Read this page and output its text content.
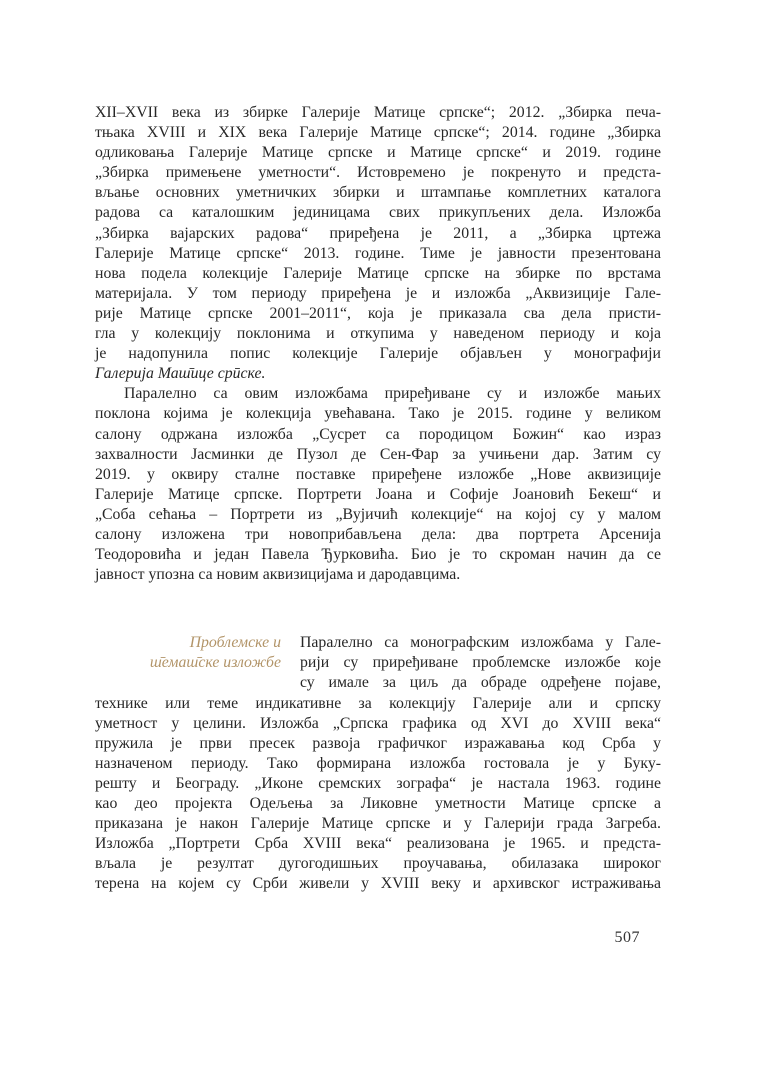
XII–XVII века из збирке Галерије Матице српске“; 2012. „Збирка печа-
тњака XVIII и XIX века Галерије Матице српске“; 2014. године „Збирка
одликовања Галерије Матице српске и Матице српске“ и 2019. године
„Збирка примењене уметности“. Истовремено је покренуто и предста-
вљање основних уметничких збирки и штампање комплетних каталога
радова са каталошким јединицама свих прикупљених дела. Изложба
„Збирка вајарских радова“ приређена је 2011, а „Збирка цртежа
Галерије Матице српске“ 2013. године. Тиме је јавности презентована
нова подела колекције Галерије Матице српске на збирке по врстама
материјала. У том периоду приређена је и изложба „Аквизиције Гале-
рије Матице српске 2001–2011“, која је приказала сва дела присти-
гла у колекцију поклонима и откупима у наведеном периоду и која
је надопунила попис колекције Галерије објављен у монографији
Галерија Маш̄ице срӣске.
Паралелно са овим изложбама приређиване су и изложбе мањих
поклона којима је колекција увећавана. Тако је 2015. године у великом
салону одржана изложба „Сусрет са породицом Божин“ као израз
захвалности Јасминки де Пузол де Сен-Фар за учињени дар. Затим су
2019. у оквиру сталне поставке приређене изложбе „Нове аквизиције
Галерије Матице српске. Портрети Јоана и Софије Јоановић Бекеш“ и
„Соба сећања – Портрети из „Вујичић колекције“ на којој су у малом
салону изложена три новоприбављена дела: два портрета Арсенија
Теодоровића и један Павела Ђурковића. Био је то скроман начин да се
јавност упозна са новим аквизицијама и дародавцима.
Проблемске и
ш̄емаш̄ске изложбе
Паралелно са монографским изложбама у Гале-
рији су приређиване проблемске изложбе које
су имале за циљ да обраде одређене појаве,
технике или теме индикативне за колекцију Галерије али и српску
уметност у целини. Изложба „Српска графика од XVI до XVIII века“
пружила је први пресек развоја графичког изражавања код Срба у
назначеном периоду. Тако формирана изложба гостовала је у Буку-
решту и Београду. „Иконе сремских зографа“ је настала 1963. године
као део пројекта Одељења за Ликовне уметности Матице српске а
приказана је након Галерије Матице српске и у Галерији града Загреба.
Изложба „Портрети Срба XVIII века“ реализована је 1965. и предста-
вљала је резултат дугогодишњих проучавања, обилазака широког
терена на којем су Срби живели у XVIII веку и архивског истраживања
507
